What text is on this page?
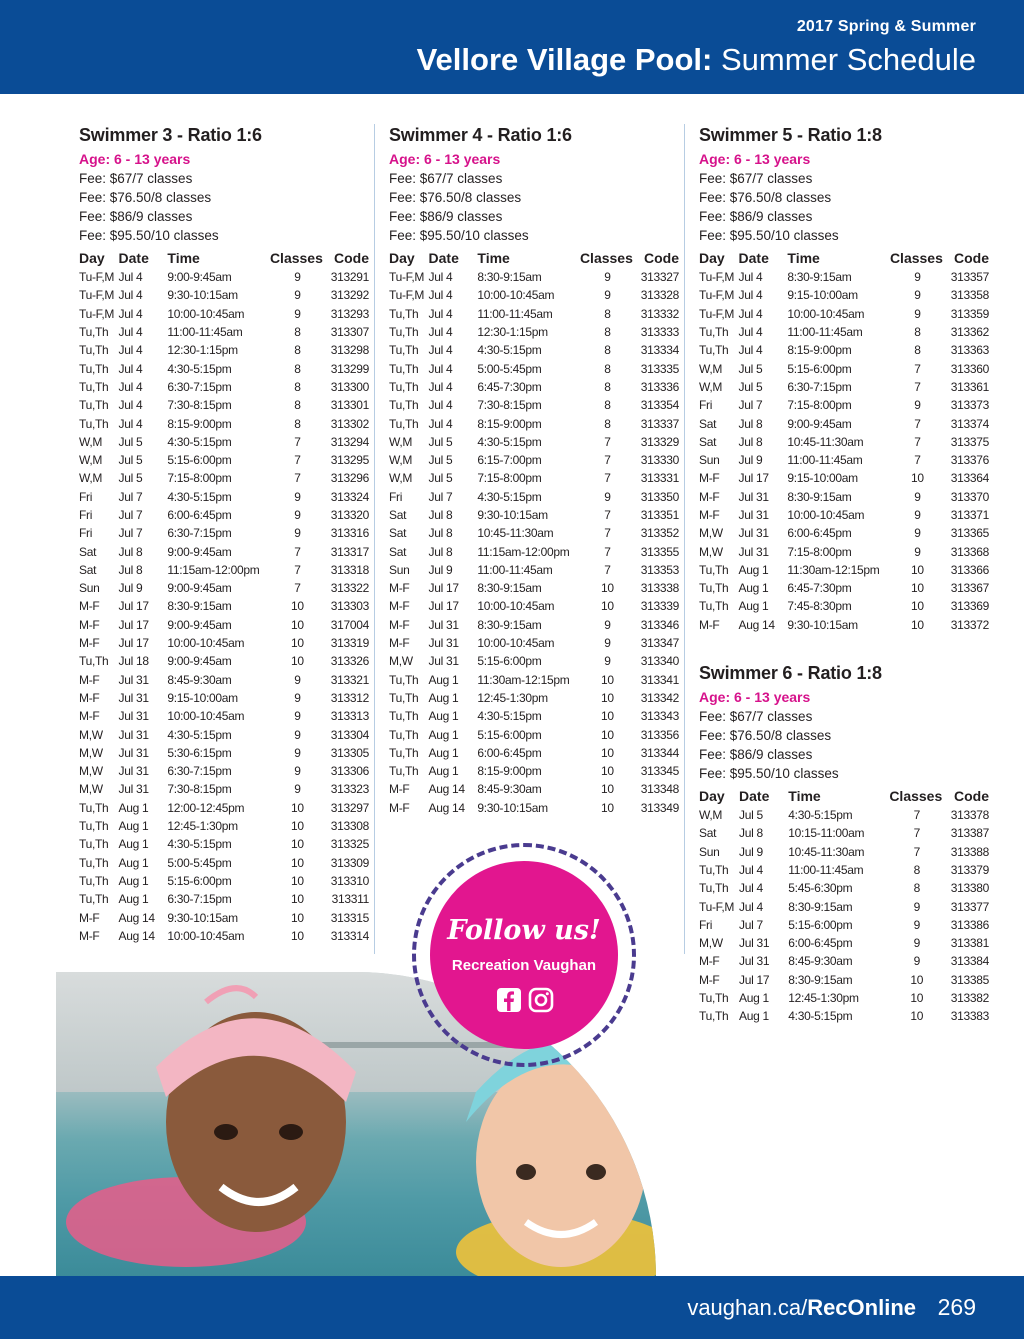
2017 Spring & Summer
Vellore Village Pool: Summer Schedule
Swimmer 3 - Ratio 1:6
Age: 6 - 13 years
Fee: $67/7 classes
Fee: $76.50/8 classes
Fee: $86/9 classes
Fee: $95.50/10 classes
Day	Date	Time	Classes	Code
Tu-F,M	Jul 4	9:00-9:45am	9	313291
Tu-F,M	Jul 4	9:30-10:15am	9	313292
Tu-F,M	Jul 4	10:00-10:45am	9	313293
Tu,Th	Jul 4	11:00-11:45am	8	313307
Tu,Th	Jul 4	12:30-1:15pm	8	313298
Tu,Th	Jul 4	4:30-5:15pm	8	313299
Tu,Th	Jul 4	6:30-7:15pm	8	313300
Tu,Th	Jul 4	7:30-8:15pm	8	313301
Tu,Th	Jul 4	8:15-9:00pm	8	313302
W,M	Jul 5	4:30-5:15pm	7	313294
W,M	Jul 5	5:15-6:00pm	7	313295
W,M	Jul 5	7:15-8:00pm	7	313296
Fri	Jul 7	4:30-5:15pm	9	313324
Fri	Jul 7	6:00-6:45pm	9	313320
Fri	Jul 7	6:30-7:15pm	9	313316
Sat	Jul 8	9:00-9:45am	7	313317
Sat	Jul 8	11:15am-12:00pm	7	313318
Sun	Jul 9	9:00-9:45am	7	313322
M-F	Jul 17	8:30-9:15am	10	313303
M-F	Jul 17	9:00-9:45am	10	317004
M-F	Jul 17	10:00-10:45am	10	313319
Tu,Th	Jul 18	9:00-9:45am	10	313326
M-F	Jul 31	8:45-9:30am	9	313321
M-F	Jul 31	9:15-10:00am	9	313312
M-F	Jul 31	10:00-10:45am	9	313313
M,W	Jul 31	4:30-5:15pm	9	313304
M,W	Jul 31	5:30-6:15pm	9	313305
M,W	Jul 31	6:30-7:15pm	9	313306
M,W	Jul 31	7:30-8:15pm	9	313323
Tu,Th	Aug 1	12:00-12:45pm	10	313297
Tu,Th	Aug 1	12:45-1:30pm	10	313308
Tu,Th	Aug 1	4:30-5:15pm	10	313325
Tu,Th	Aug 1	5:00-5:45pm	10	313309
Tu,Th	Aug 1	5:15-6:00pm	10	313310
Tu,Th	Aug 1	6:30-7:15pm	10	313311
M-F	Aug 14	9:30-10:15am	10	313315
M-F	Aug 14	10:00-10:45am	10	313314
Swimmer 4 - Ratio 1:6
Age: 6 - 13 years
Fee: $67/7 classes
Fee: $76.50/8 classes
Fee: $86/9 classes
Fee: $95.50/10 classes
Day	Date	Time	Classes	Code
Tu-F,M	Jul 4	8:30-9:15am	9	313327
Tu-F,M	Jul 4	10:00-10:45am	9	313328
Tu,Th	Jul 4	11:00-11:45am	8	313332
Tu,Th	Jul 4	12:30-1:15pm	8	313333
Tu,Th	Jul 4	4:30-5:15pm	8	313334
Tu,Th	Jul 4	5:00-5:45pm	8	313335
Tu,Th	Jul 4	6:45-7:30pm	8	313336
Tu,Th	Jul 4	7:30-8:15pm	8	313354
Tu,Th	Jul 4	8:15-9:00pm	8	313337
W,M	Jul 5	4:30-5:15pm	7	313329
W,M	Jul 5	6:15-7:00pm	7	313330
W,M	Jul 5	7:15-8:00pm	7	313331
Fri	Jul 7	4:30-5:15pm	9	313350
Sat	Jul 8	9:30-10:15am	7	313351
Sat	Jul 8	10:45-11:30am	7	313352
Sat	Jul 8	11:15am-12:00pm	7	313355
Sun	Jul 9	11:00-11:45am	7	313353
M-F	Jul 17	8:30-9:15am	10	313338
M-F	Jul 17	10:00-10:45am	10	313339
M-F	Jul 31	8:30-9:15am	9	313346
M-F	Jul 31	10:00-10:45am	9	313347
M,W	Jul 31	5:15-6:00pm	9	313340
Tu,Th	Aug 1	11:30am-12:15pm	10	313341
Tu,Th	Aug 1	12:45-1:30pm	10	313342
Tu,Th	Aug 1	4:30-5:15pm	10	313343
Tu,Th	Aug 1	5:15-6:00pm	10	313356
Tu,Th	Aug 1	6:00-6:45pm	10	313344
Tu,Th	Aug 1	8:15-9:00pm	10	313345
M-F	Aug 14	8:45-9:30am	10	313348
M-F	Aug 14	9:30-10:15am	10	313349
Swimmer 5 - Ratio 1:8
Age: 6 - 13 years
Fee: $67/7 classes
Fee: $76.50/8 classes
Fee: $86/9 classes
Fee: $95.50/10 classes
Day	Date	Time	Classes	Code
Tu-F,M	Jul 4	8:30-9:15am	9	313357
Tu-F,M	Jul 4	9:15-10:00am	9	313358
Tu-F,M	Jul 4	10:00-10:45am	9	313359
Tu,Th	Jul 4	11:00-11:45am	8	313362
Tu,Th	Jul 4	8:15-9:00pm	8	313363
W,M	Jul 5	5:15-6:00pm	7	313360
W,M	Jul 5	6:30-7:15pm	7	313361
Fri	Jul 7	7:15-8:00pm	9	313373
Sat	Jul 8	9:00-9:45am	7	313374
Sat	Jul 8	10:45-11:30am	7	313375
Sun	Jul 9	11:00-11:45am	7	313376
M-F	Jul 17	9:15-10:00am	10	313364
M-F	Jul 31	8:30-9:15am	9	313370
M-F	Jul 31	10:00-10:45am	9	313371
M,W	Jul 31	6:00-6:45pm	9	313365
M,W	Jul 31	7:15-8:00pm	9	313368
Tu,Th	Aug 1	11:30am-12:15pm	10	313366
Tu,Th	Aug 1	6:45-7:30pm	10	313367
Tu,Th	Aug 1	7:45-8:30pm	10	313369
M-F	Aug 14	9:30-10:15am	10	313372
Swimmer 6 - Ratio 1:8
Age: 6 - 13 years
Fee: $67/7 classes
Fee: $76.50/8 classes
Fee: $86/9 classes
Fee: $95.50/10 classes
Day	Date	Time	Classes	Code
W,M	Jul 5	4:30-5:15pm	7	313378
Sat	Jul 8	10:15-11:00am	7	313387
Sun	Jul 9	10:45-11:30am	7	313388
Tu,Th	Jul 4	11:00-11:45am	8	313379
Tu,Th	Jul 4	5:45-6:30pm	8	313380
Tu-F,M	Jul 4	8:30-9:15am	9	313377
Fri	Jul 7	5:15-6:00pm	9	313386
M,W	Jul 31	6:00-6:45pm	9	313381
M-F	Jul 31	8:45-9:30am	9	313384
M-F	Jul 17	8:30-9:15am	10	313385
Tu,Th	Aug 1	12:45-1:30pm	10	313382
Tu,Th	Aug 1	4:30-5:15pm	10	313383
Follow us!
Recreation Vaughan
vaughan.ca/RecOnline 269
